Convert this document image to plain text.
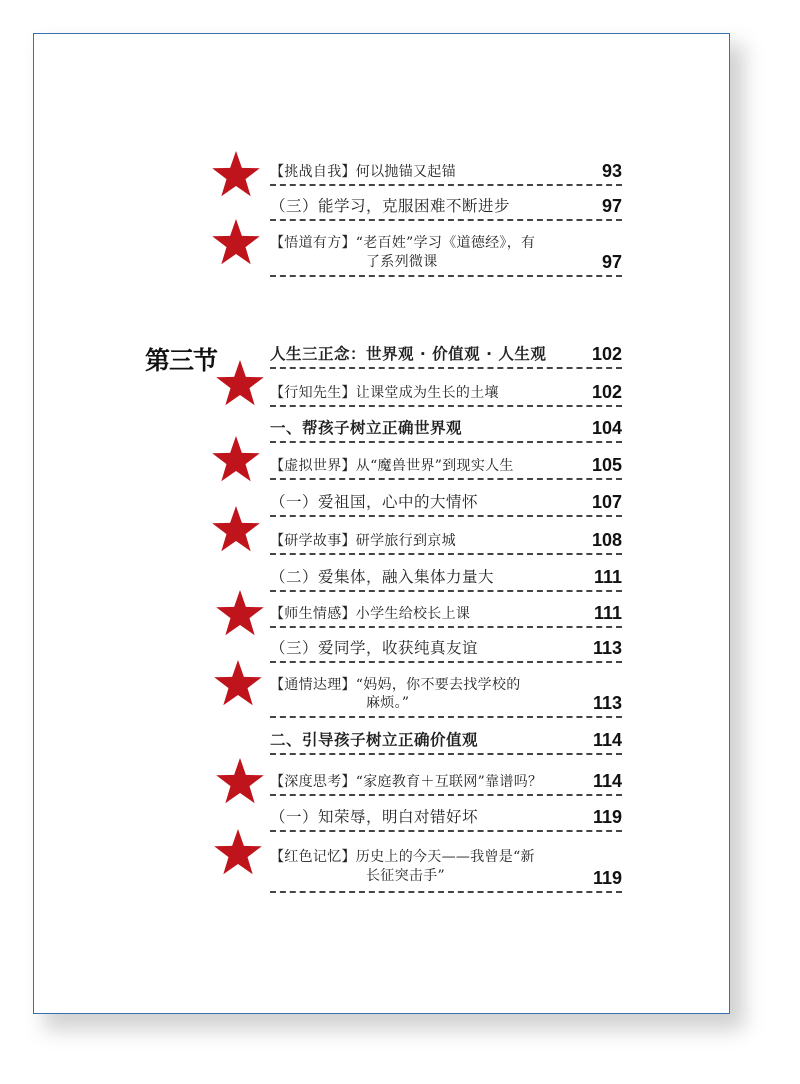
第三节
【挑战自我】何以抛锚又起锚	93
（三）能学习，克服困难不断进步	97
【悟道有方】“老百姓”学习《道德经》，有
了系列微课	97
人生三正念：世界观 · 价值观 · 人生观	102
【行知先生】让课堂成为生长的土壤	102
一、帮孩子树立正确世界观	104
【虚拟世界】从“魔兽世界”到现实人生	105
（一）爱祖国，心中的大情怀	107
【研学故事】研学旅行到京城	108
（二）爱集体，融入集体力量大	111
【师生情感】小学生给校长上课	111
（三）爱同学，收获纯真友谊	113
【通情达理】“妈妈，你不要去找学校的
麻烦。”	113
二、引导孩子树立正确价值观	114
【深度思考】“家庭教育＋互联网”靠谱吗？	114
（一）知荣辱，明白对错好坏	119
【红色记忆】历史上的今天——我曾是“新
长征突击手”	119
